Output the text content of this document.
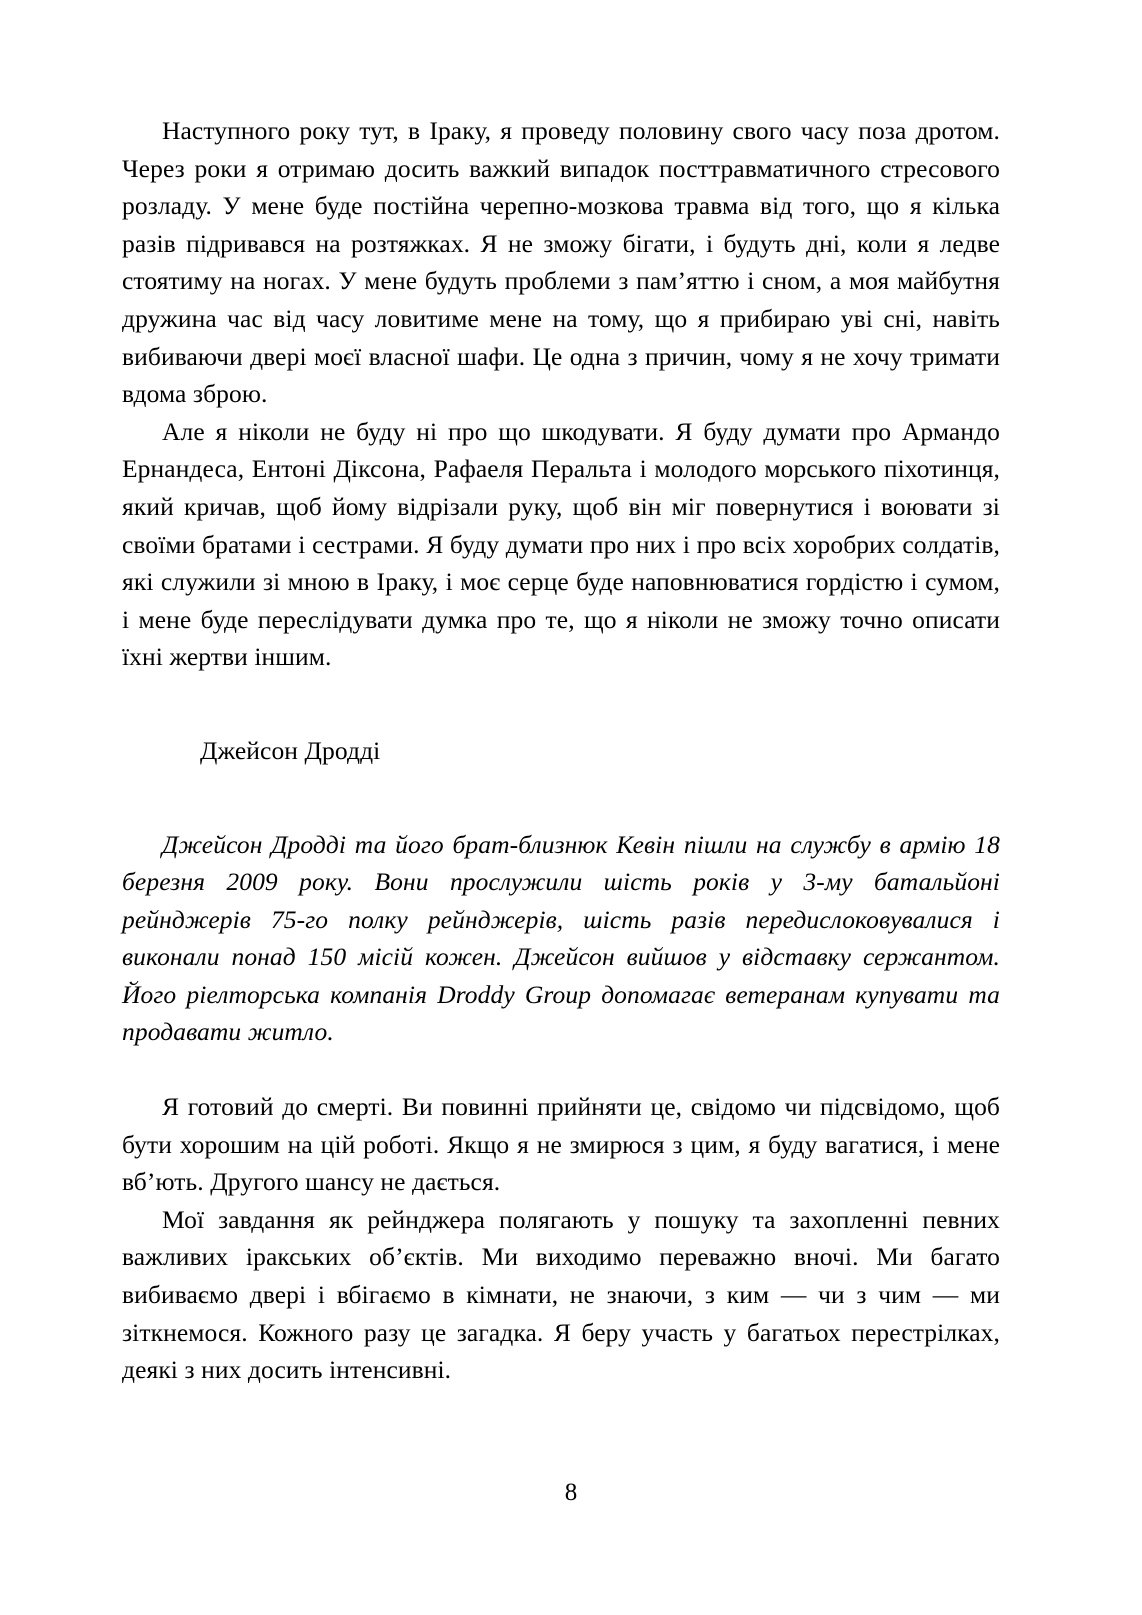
Наступного року тут, в Іраку, я проведу половину свого часу поза дротом. Через роки я отримаю досить важкий випадок посттравматичного стресового розладу. У мене буде постійна черепно-мозкова травма від того, що я кілька разів підривався на розтяжках. Я не зможу бігати, і будуть дні, коли я ледве стоятиму на ногах. У мене будуть проблеми з пам’яттю і сном, а моя майбутня дружина час від часу ловитиме мене на тому, що я прибираю увi сні, навіть вибиваючи двері моєї власної шафи. Це одна з причин, чому я не хочу тримати вдома зброю.

Але я ніколи не буду ні про що шкодувати. Я буду думати про Армандо Ернандеса, Ентоні Діксона, Рафаеля Перальта і молодого морського піхотинця, який кричав, щоб йому відрізали руку, щоб він міг повернутися і воювати зі своїми братами і сестрами. Я буду думати про них і про всіх хоробрих солдатів, які служили зі мною в Іраку, і моє серце буде наповнюватися гордістю і сумом, і мене буде переслідувати думка про те, що я ніколи не зможу точно описати їхні жертви іншим.

Джейсон Дродді

Джейсон Дродді та його брат-близнюк Кевін пішли на службу в армію 18 березня 2009 року. Вони прослужили шість років у 3-му батальйоні рейнджерів 75-го полку рейнджерів, шість разів передислоковувалися і виконали понад 150 місій кожен. Джейсон вийшов у відставку сержантом. Його ріелторська компанія Droddy Group допомагає ветеранам купувати та продавати житло.

Я готовий до смерті. Ви повинні прийняти це, свідомо чи підсвідомо, щоб бути хорошим на цій роботі. Якщо я не змирюся з цим, я буду вагатися, і мене вб’ють. Другого шансу не дається.

Мої завдання як рейнджера полягають у пошуку та захопленні певних важливих іракських об’єктів. Ми виходимо переважно вночі. Ми багато вибиваємо двері і вбігаємо в кімнати, не знаючи, з ким — чи з чим — ми зіткнемося. Кожного разу це загадка. Я беру участь у багатьох перестрілках, деякі з них досить інтенсивні.

8
